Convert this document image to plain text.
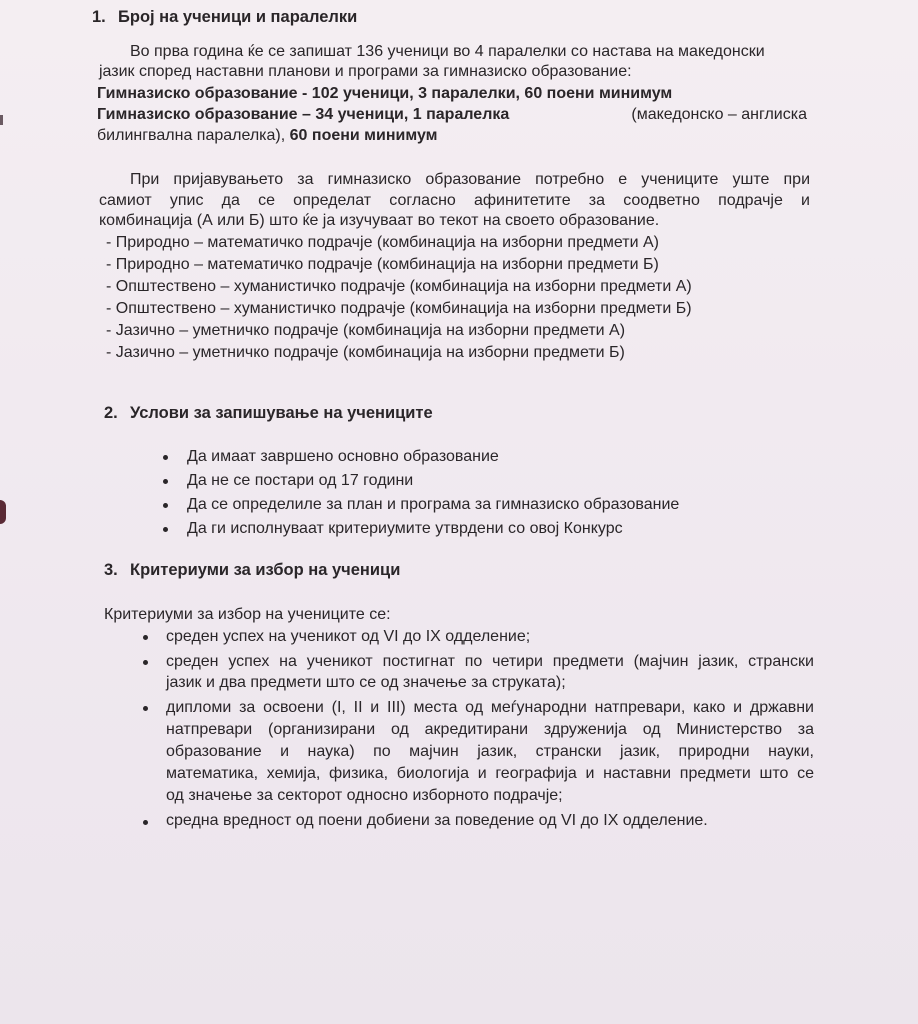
1. Број на ученици и паралелки
Во прва година ќе се запишат 136 ученици во 4 паралелки со настава на македонски
јазик според наставни планови и програми за гимназиско образование:
Гимназиско образование - 102 ученици, 3 паралелки, 60 поени минимум
Гимназиско образование – 34 ученици, 1 паралелка	(македонско – англиска
билингвална паралелка), 60 поени минимум
При пријавувањето за гимназиско образование потребно е учениците уште при
самиот упис да се определат согласно афинитетите за соодветно подрачје и
комбинација (А или Б) што ќе ја изучуваат во текот на своето образование.
- Природно – математичко подрачје (комбинација на изборни предмети А)
- Природно – математичко подрачје (комбинација на изборни предмети Б)
- Општествено – хуманистичко подрачје (комбинација на изборни предмети А)
- Општествено – хуманистичко подрачје (комбинација на изборни предмети Б)
- Јазично – уметничко подрачје (комбинација на изборни предмети А)
- Јазично – уметничко подрачје (комбинација на изборни предмети Б)
2. Услови за запишување на учениците
Да имаат завршено основно образование
Да не се постари од 17 години
Да се определиле за план и програма за гимназиско образование
Да ги исполнуваат критериумите утврдени со овој Конкурс
3. Критериуми за избор на ученици
Критериуми за избор на учениците се:
среден успех на ученикот од VI до IX одделение;
среден успех на ученикот постигнат по четири предмети (мајчин јазик, странски
јазик и два предмети што се од значење за струката);
дипломи за освоени (I, II и III) места од меѓународни натпревари, како и државни
натпревари (организирани од акредитирани здруженија од Министерство за
образование и наука) по мајчин јазик, странски јазик, природни науки,
математика, хемија, физика, биологија и географија и наставни предмети што се
од значење за секторот односно изборното подрачје;
средна вредност од поени добиени за поведение од VI до IX одделение.
